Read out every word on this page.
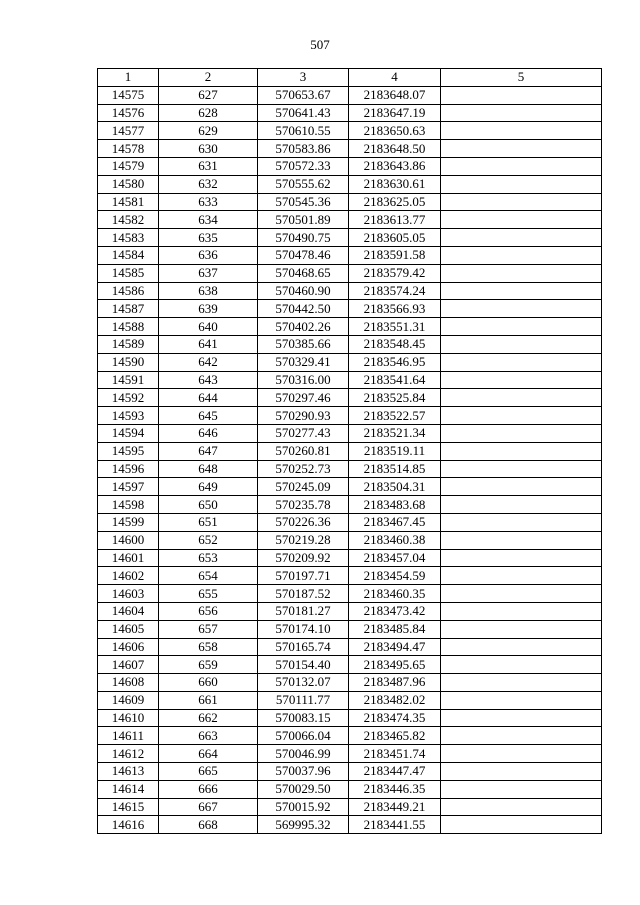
507
1	2	3	4	5
14575	627	570653.67	2183648.07	
14576	628	570641.43	2183647.19	
14577	629	570610.55	2183650.63	
14578	630	570583.86	2183648.50	
14579	631	570572.33	2183643.86	
14580	632	570555.62	2183630.61	
14581	633	570545.36	2183625.05	
14582	634	570501.89	2183613.77	
14583	635	570490.75	2183605.05	
14584	636	570478.46	2183591.58	
14585	637	570468.65	2183579.42	
14586	638	570460.90	2183574.24	
14587	639	570442.50	2183566.93	
14588	640	570402.26	2183551.31	
14589	641	570385.66	2183548.45	
14590	642	570329.41	2183546.95	
14591	643	570316.00	2183541.64	
14592	644	570297.46	2183525.84	
14593	645	570290.93	2183522.57	
14594	646	570277.43	2183521.34	
14595	647	570260.81	2183519.11	
14596	648	570252.73	2183514.85	
14597	649	570245.09	2183504.31	
14598	650	570235.78	2183483.68	
14599	651	570226.36	2183467.45	
14600	652	570219.28	2183460.38	
14601	653	570209.92	2183457.04	
14602	654	570197.71	2183454.59	
14603	655	570187.52	2183460.35	
14604	656	570181.27	2183473.42	
14605	657	570174.10	2183485.84	
14606	658	570165.74	2183494.47	
14607	659	570154.40	2183495.65	
14608	660	570132.07	2183487.96	
14609	661	570111.77	2183482.02	
14610	662	570083.15	2183474.35	
14611	663	570066.04	2183465.82	
14612	664	570046.99	2183451.74	
14613	665	570037.96	2183447.47	
14614	666	570029.50	2183446.35	
14615	667	570015.92	2183449.21	
14616	668	569995.32	2183441.55	
